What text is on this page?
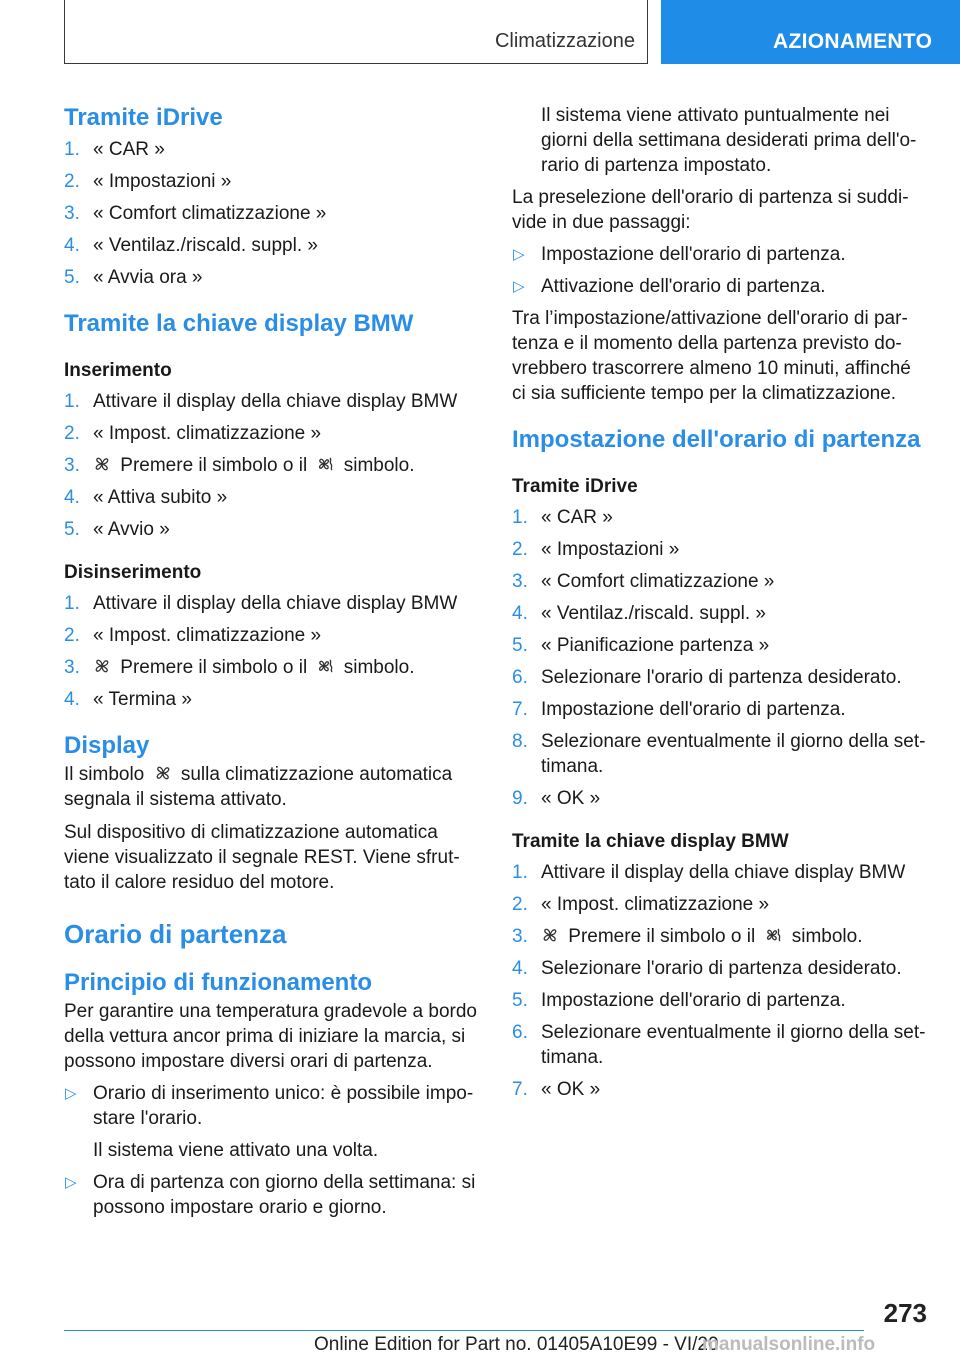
Climatizzazione	AZIONAMENTO
Tramite iDrive
1. « CAR »
2. « Impostazioni »
3. « Comfort climatizzazione »
4. « Ventilaz./riscald. suppl. »
5. « Avvia ora »
Tramite la chiave display BMW
Inserimento
1. Attivare il display della chiave display BMW
2. « Impost. climatizzazione »
3. Premere il simbolo o il simbolo.
4. « Attiva subito »
5. « Avvio »
Disinserimento
1. Attivare il display della chiave display BMW
2. « Impost. climatizzazione »
3. Premere il simbolo o il simbolo.
4. « Termina »
Display

Il simbolo sulla climatizzazione automatica segnala il sistema attivato.

Sul dispositivo di climatizzazione automatica viene visualizzato il segnale REST. Viene sfruttato il calore residuo del motore.

Orario di partenza
Principio di funzionamento

Per garantire una temperatura gradevole a bordo della vettura ancor prima di iniziare la marcia, si possono impostare diversi orari di partenza.

▷ Orario di inserimento unico: è possibile impostare l'orario.

Il sistema viene attivato una volta.

▷ Ora di partenza con giorno della settimana: si possono impostare orario e giorno.

Il sistema viene attivato puntualmente nei giorni della settimana desiderati prima dell'orario di partenza impostato.

La preselezione dell'orario di partenza si suddivide in due passaggi:

▷ Impostazione dell'orario di partenza.
▷ Attivazione dell'orario di partenza.

Tra l’impostazione/attivazione dell'orario di partenza e il momento della partenza previsto dovrebbero trascorrere almeno 10 minuti, affinché ci sia sufficiente tempo per la climatizzazione.

Impostazione dell'orario di partenza
Tramite iDrive
1. « CAR »
2. « Impostazioni »
3. « Comfort climatizzazione »
4. « Ventilaz./riscald. suppl. »
5. « Pianificazione partenza »
6. Selezionare l'orario di partenza desiderato.
7. Impostazione dell'orario di partenza.
8. Selezionare eventualmente il giorno della settimana.
9. « OK »
Tramite la chiave display BMW
1. Attivare il display della chiave display BMW
2. « Impost. climatizzazione »
3. Premere il simbolo o il simbolo.
4. Selezionare l'orario di partenza desiderato.
5. Impostazione dell'orario di partenza.
6. Selezionare eventualmente il giorno della settimana.
7. « OK »
273
Online Edition for Part no. 01405A10E99 - VI/20
manualsonline.info
